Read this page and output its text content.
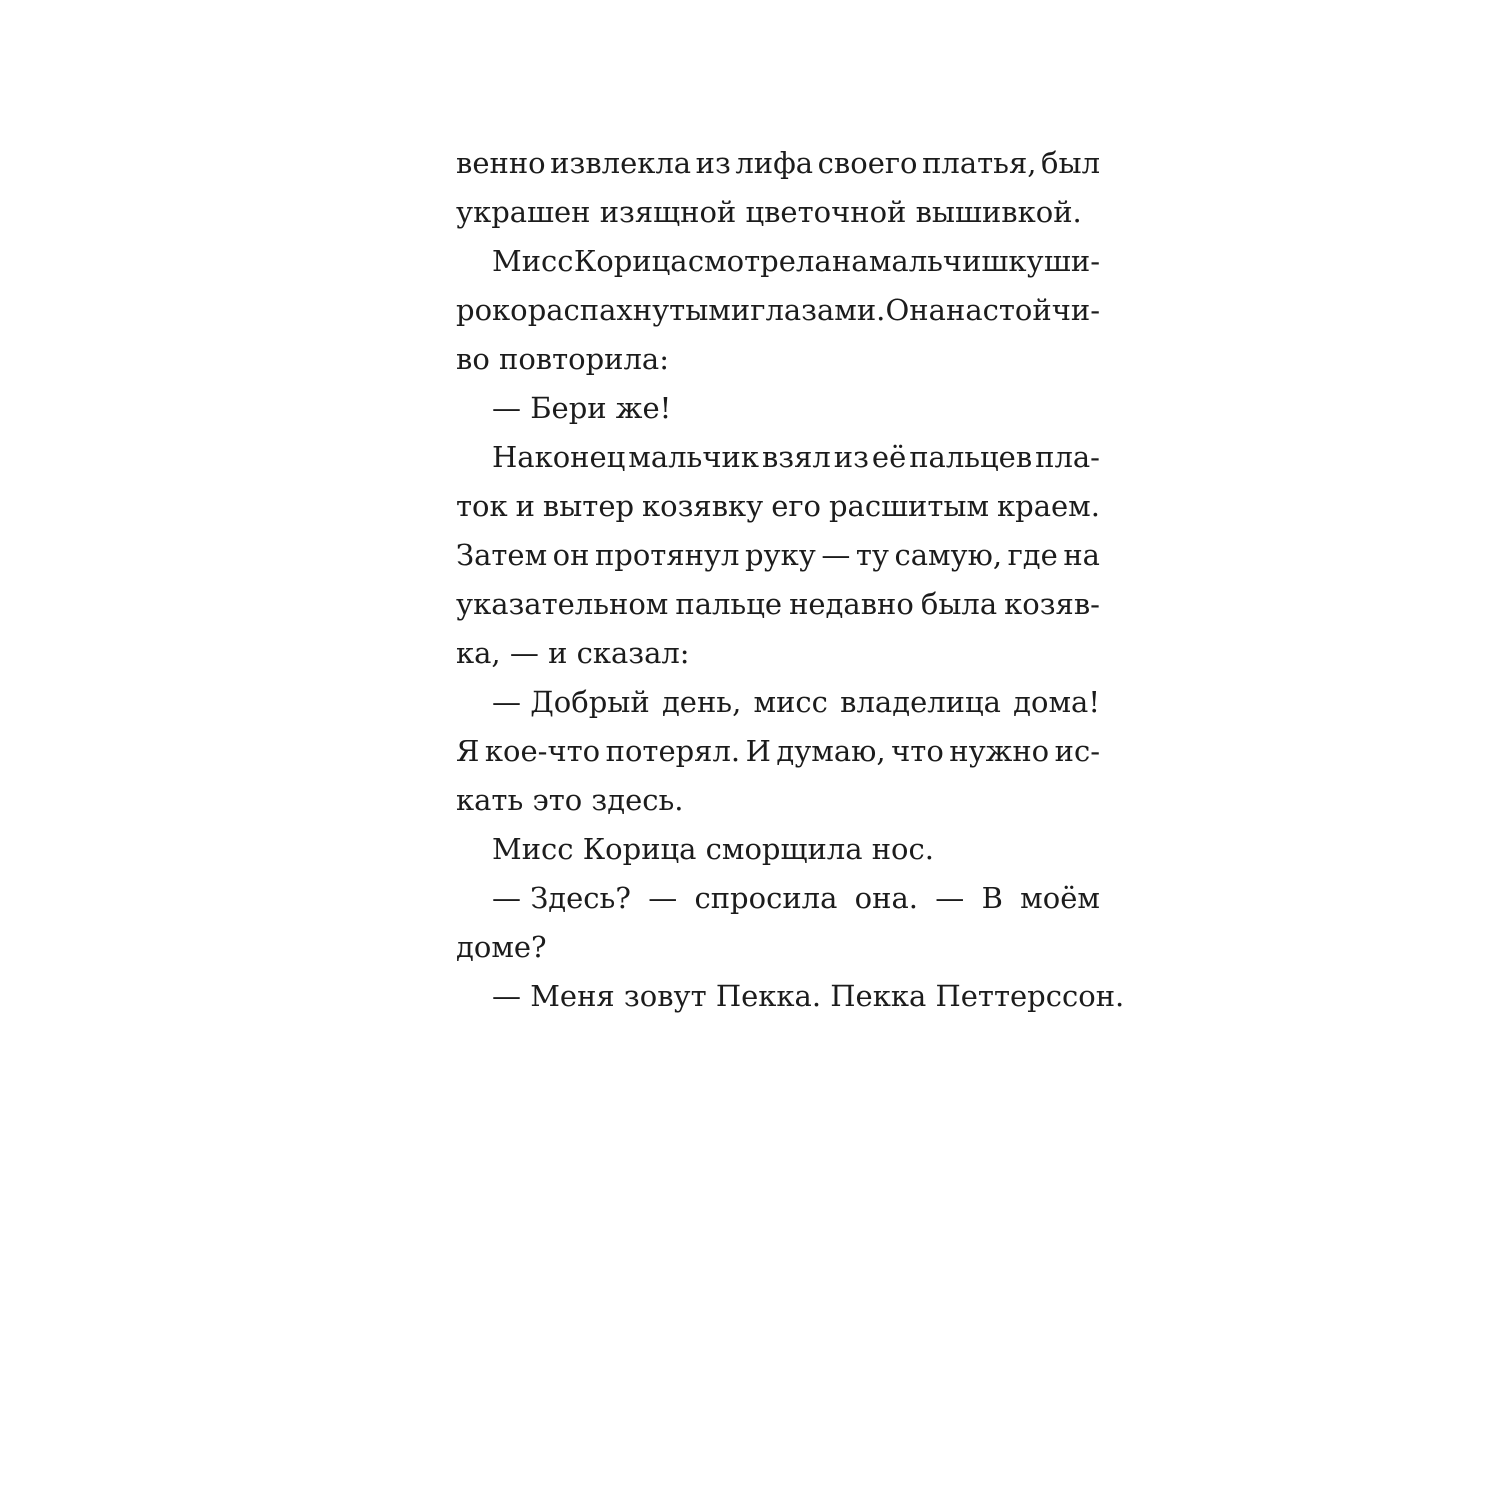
венно извлекла из лифа своего платья, был
украшен изящной цветочной вышивкой.
Мисс Корица смотрела на мальчишку ши-
роко распахнутыми глазами. Она настойчи-
во повторила:
— Бери же!
Наконец мальчик взял из её пальцев пла-
ток и вытер козявку его расшитым краем.
Затем он протянул руку — ту самую, где на
указательном пальце недавно была козяв-
ка, — и сказал:
— Добрый день, мисс владелица дома!
Я кое-что потерял. И думаю, что нужно ис-
кать это здесь.
Мисс Корица сморщила нос.
— Здесь? — спросила она. — В моём
доме?
— Меня зовут Пекка. Пекка Петтерссон.
